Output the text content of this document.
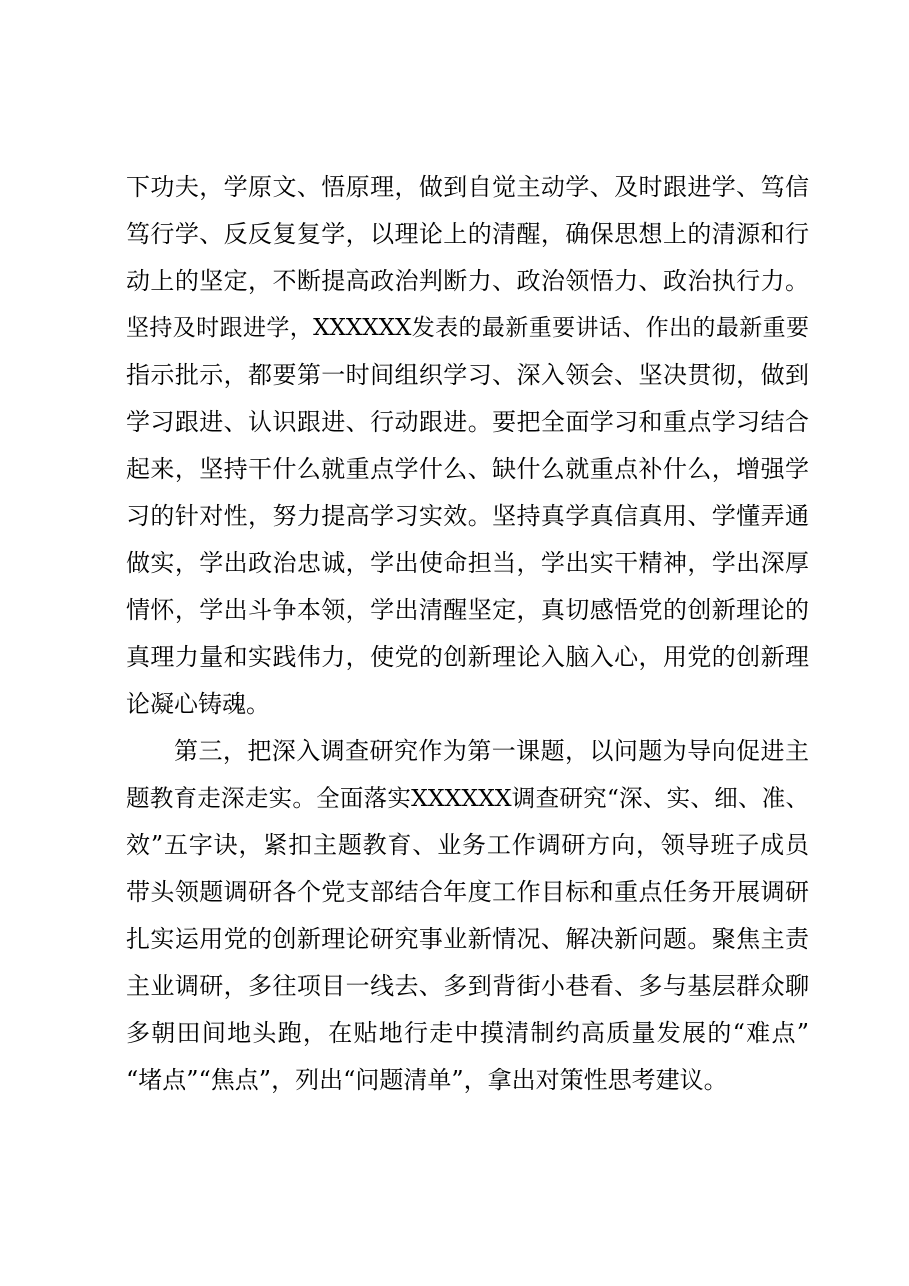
下功夫，学原文、悟原理，做到自觉主动学、及时跟进学、笃信
笃行学、反反复复学，以理论上的清醒，确保思想上的清源和行
动上的坚定，不断提高政治判断力、政治领悟力、政治执行力。
坚持及时跟进学，XXXXXX发表的最新重要讲话、作出的最新重要
指示批示，都要第一时间组织学习、深入领会、坚决贯彻，做到
学习跟进、认识跟进、行动跟进。要把全面学习和重点学习结合
起来，坚持干什么就重点学什么、缺什么就重点补什么，增强学
习的针对性，努力提高学习实效。坚持真学真信真用、学懂弄通
做实，学出政治忠诚，学出使命担当，学出实干精神，学出深厚
情怀，学出斗争本领，学出清醒坚定，真切感悟党的创新理论的
真理力量和实践伟力，使党的创新理论入脑入心，用党的创新理
论凝心铸魂。
第三，把深入调查研究作为第一课题，以问题为导向促进主
题教育走深走实。全面落实XXXXXX调查研究“深、实、细、准、
效”五字诀，紧扣主题教育、业务工作调研方向，领导班子成员
带头领题调研各个党支部结合年度工作目标和重点任务开展调研
扎实运用党的创新理论研究事业新情况、解决新问题。聚焦主责
主业调研，多往项目一线去、多到背街小巷看、多与基层群众聊
多朝田间地头跑，在贴地行走中摸清制约高质量发展的“难点”
“堵点”“焦点”，列出“问题清单”，拿出对策性思考建议。
